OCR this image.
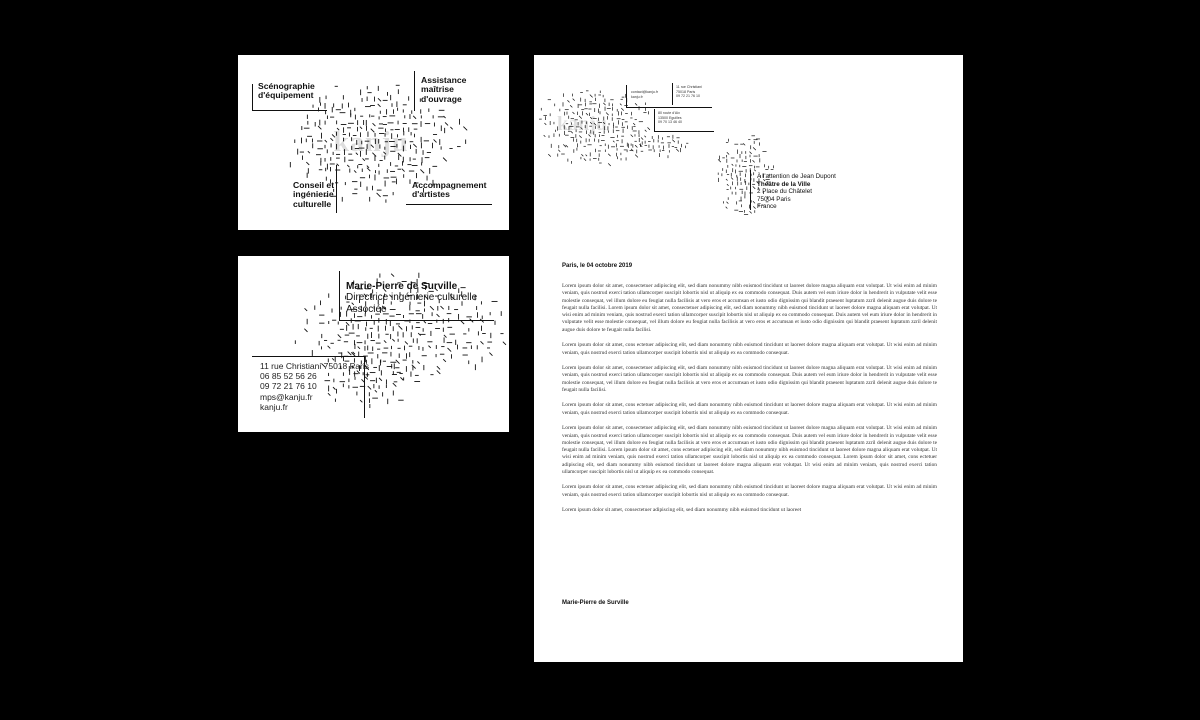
Scénographie
d'équipement
Assistance
maîtrise
d'ouvrage
Conseil et
ingénierie
culturelle
Accompagnement
d'artistes
kanju
Marie-Pierre de Surville
Directrice ingénierie culturelle
Associée
11 rue Christiani 75018 Paris
06 85 52 56 26
09 72 21 76 10
mps@kanju.fr
kanju.fr
contact@kanju.fr
kanju.fr
11 rue Christiani
75018 Paris
09 72 21 76 10
80 route d'Aix
13500 Eguilles
09 70 13 46 40
kanju
À l'attention de Jean Dupont
Théâtre de la Ville
2 Place du Châtelet
75004 Paris
France
Paris, le 04 octobre 2019

Lorem ipsum dolor sit amet, consectetuer adipiscing elit, sed diam nonummy nibh euismod tincidunt ut laoreet dolore magna aliquam erat volutpat. Ut wisi enim ad minim veniam, quis nostrud exerci tation ullamcorper suscipit lobortis nisl ut aliquip ex ea commodo consequat. Duis autem vel eum iriure dolor in hendrerit in vulputate velit esse molestie consequat, vel illum dolore eu feugiat nulla facilisis at vero eros et accumsan et iusto odio dignissim qui blandit praesent luptatum zzril delenit augue duis dolore te feugait nulla facilisi. Lorem ipsum dolor sit amet, consectetuer adipiscing elit, sed diam nonummy nibh euismod tincidunt ut laoreet dolore magna aliquam erat volutpat. Ut wisi enim ad minim veniam, quis nostrud exerci tation ullamcorper suscipit lobortis nisl ut aliquip ex ea commodo consequat. Duis autem vel eum iriure dolor in hendrerit in vulputate velit esse molestie consequat, vel illum dolore eu feugiat nulla facilisis at vero eros et accumsan et iusto odio dignissim qui blandit praesent luptatum zzril delenit augue duis dolore te feugait nulla facilisi.

Lorem ipsum dolor sit amet, cons ectetuer adipiscing elit, sed diam nonummy nibh euismod tincidunt ut laoreet dolore magna aliquam erat volutpat. Ut wisi enim ad minim veniam, quis nostrud exerci tation ullamcorper suscipit lobortis nisl ut aliquip ex ea commodo consequat.

Lorem ipsum dolor sit amet, consectetuer adipiscing elit, sed diam nonummy nibh euismod tincidunt ut laoreet dolore magna aliquam erat volutpat. Ut wisi enim ad minim veniam, quis nostrud exerci tation ullamcorper suscipit lobortis nisl ut aliquip ex ea commodo consequat. Duis autem vel eum iriure dolor in hendrerit in vulputate velit esse molestie consequat, vel illum dolore eu feugiat nulla facilisis at vero eros et accumsan et iusto odio dignissim qui blandit praesent luptatum zzril delenit augue duis dolore te feugait nulla facilisi.

Lorem ipsum dolor sit amet, cons ectetuer adipiscing elit, sed diam nonummy nibh euismod tincidunt ut laoreet dolore magna aliquam erat volutpat. Ut wisi enim ad minim veniam, quis nostrud exerci tation ullamcorper suscipit lobortis nisl ut aliquip ex ea commodo consequat.

Lorem ipsum dolor sit amet, consectetuer adipiscing elit, sed diam nonummy nibh euismod tincidunt ut laoreet dolore magna aliquam erat volutpat. Ut wisi enim ad minim veniam, quis nostrud exerci tation ullamcorper suscipit lobortis nisl ut aliquip ex ea commodo consequat. Duis autem vel eum iriure dolor in hendrerit in vulputate velit esse molestie consequat, vel illum dolore eu feugiat nulla facilisis at vero eros et accumsan et iusto odio dignissim qui blandit praesent luptatum zzril delenit augue duis dolore te feugait nulla facilisi. Lorem ipsum dolor sit amet, cons ectetuer adipiscing elit, sed diam nonummy nibh euismod tincidunt ut laoreet dolore magna aliquam erat volutpat. Ut wisi enim ad minim veniam, quis nostrud exerci tation ullamcorper suscipit lobortis nisl ut aliquip ex ea commodo consequat. Lorem ipsum dolor sit amet, cons ectetuer adipiscing elit, sed diam nonummy nibh euismod tincidunt ut laoreet dolore magna aliquam erat volutpat. Ut wisi enim ad minim veniam, quis nostrud exerci tation ullamcorper suscipit lobortis nisl ut aliquip ex ea commodo consequat.

Lorem ipsum dolor sit amet, cons ectetuer adipiscing elit, sed diam nonummy nibh euismod tincidunt ut laoreet dolore magna aliquam erat volutpat. Ut wisi enim ad minim veniam, quis nostrud exerci tation ullamcorper suscipit lobortis nisl ut aliquip ex ea commodo consequat.

Lorem ipsum dolor sit amet, consectetuer adipiscing elit, sed diam nonummy nibh euismod tincidunt ut laoreet

Marie-Pierre de Surville
